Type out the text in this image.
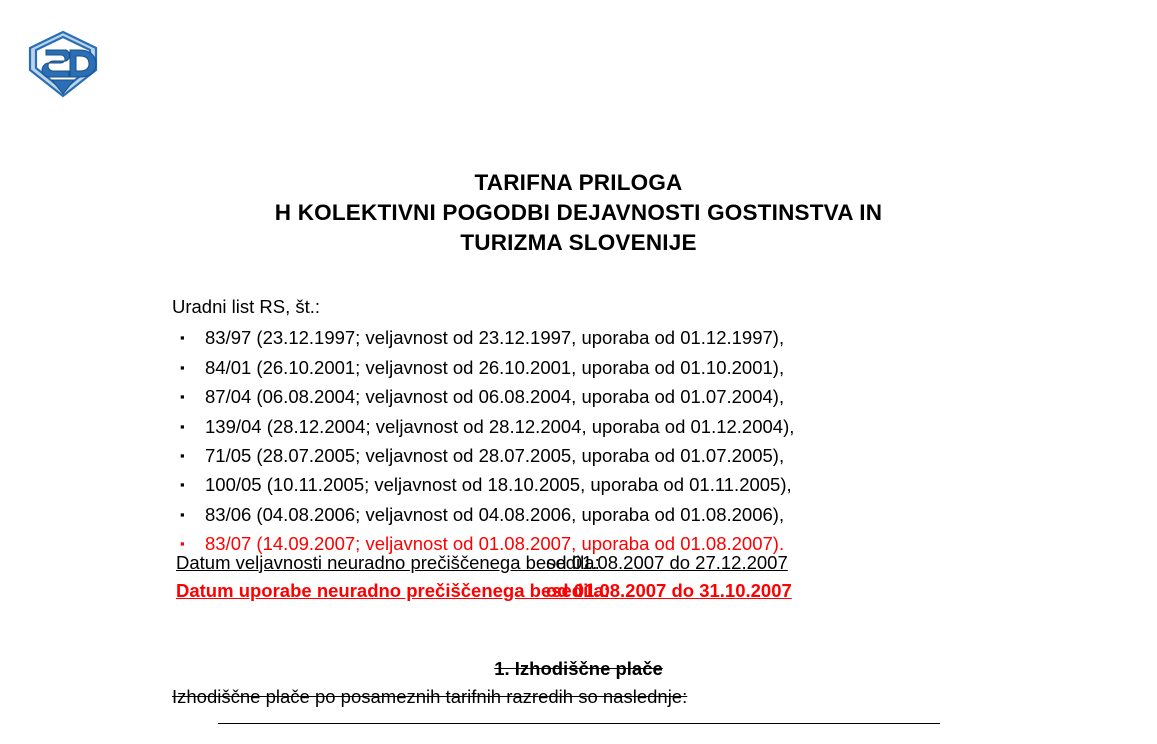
TARIFNA PRILOGA
H KOLEKTIVNI POGODBI DEJAVNOSTI GOSTINSTVA IN
TURIZMA SLOVENIJE

Uradni list RS, št.:

▪ 83/97 (23.12.1997; veljavnost od 23.12.1997, uporaba od 01.12.1997),
▪ 84/01 (26.10.2001; veljavnost od 26.10.2001, uporaba od 01.10.2001),
▪ 87/04 (06.08.2004; veljavnost od 06.08.2004, uporaba od 01.07.2004),
▪ 139/04 (28.12.2004; veljavnost od 28.12.2004, uporaba od 01.12.2004),
▪ 71/05 (28.07.2005; veljavnost od 28.07.2005, uporaba od 01.07.2005),
▪ 100/05 (10.11.2005; veljavnost od 18.10.2005, uporaba od 01.11.2005),
▪ 83/06 (04.08.2006; veljavnost od 04.08.2006, uporaba od 01.08.2006),
▪ 83/07 (14.09.2007; veljavnost od 01.08.2007, uporaba od 01.08.2007).
Datum veljavnosti neuradno prečiščenega besedila:od 01.08.2007 do 27.12.2007
Datum uporabe neuradno prečiščenega besedila:od 01.08.2007 do 31.10.2007
1. Izhodiščne plače
Izhodiščne plače po posameznih tarifnih razredih so naslednje:
